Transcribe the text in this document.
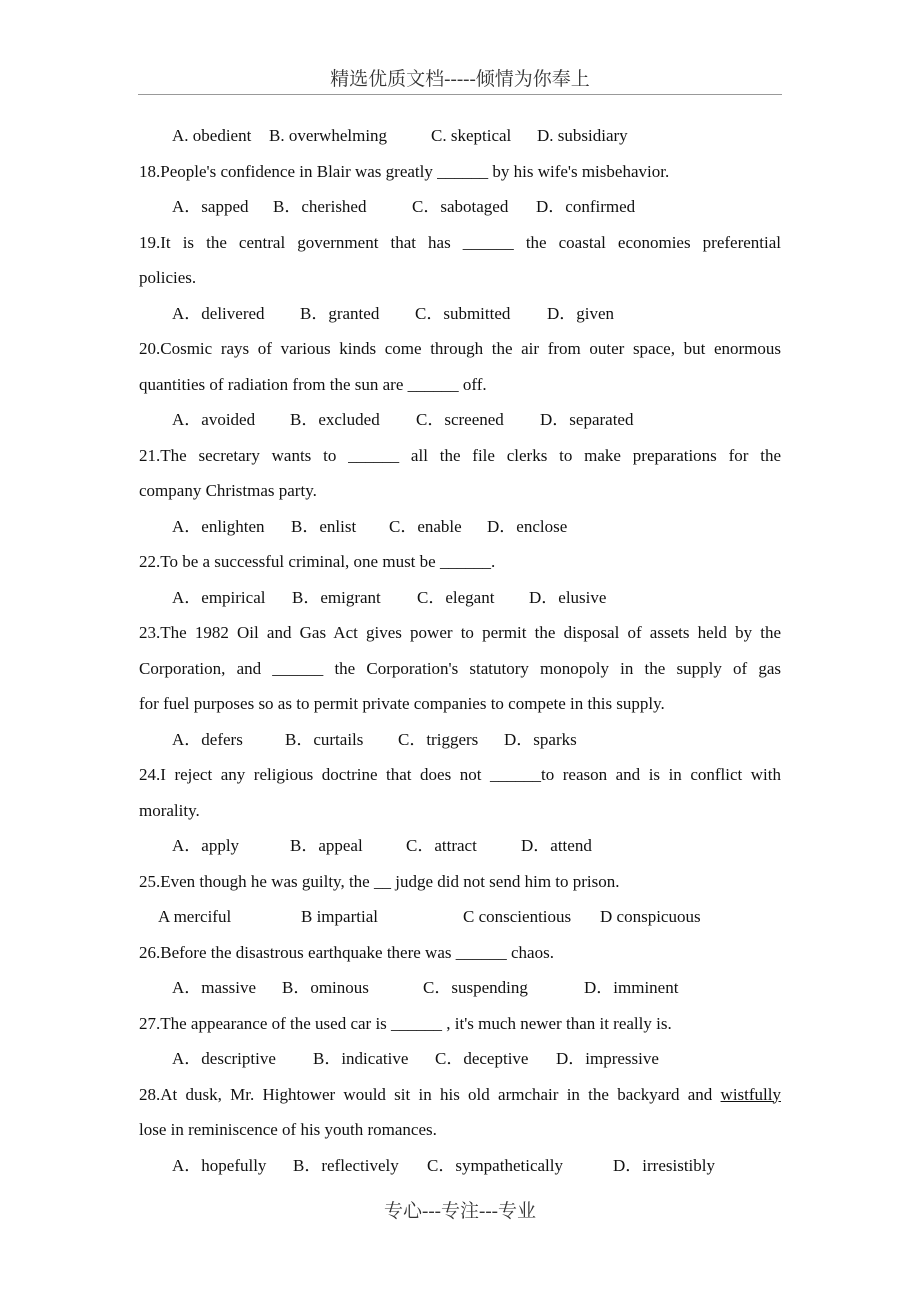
精选优质文档-----倾情为你奉上
A. obedient B. overwhelming	C. skeptical D. subsidiary
18.People's confidence in Blair was greatly ______ by his wife's misbehavior.
A．sapped B．cherished	C．sabotaged D．confirmed
19.It is the central government that has ______ the coastal economies preferential
policies.
A．delivered B．granted C．submitted D．given
20.Cosmic rays of various kinds come through the air from outer space, but enormous
quantities of radiation from the sun are ______ off.
A．avoided B．excluded C．screened D．separated
21.The secretary wants to ______ all the file clerks to make preparations for the
company Christmas party.
A．enlighten B．enlist C．enable D．enclose
22.To be a successful criminal, one must be ______.
A．empirical B．emigrant C．elegant D．elusive
23.The 1982 Oil and Gas Act gives power to permit the disposal of assets held by the
Corporation, and ______ the Corporation's statutory monopoly in the supply of gas
for fuel purposes so as to permit private companies to compete in this supply.
A．defers B．curtails C．triggers D．sparks
24.I reject any religious doctrine that does not ______to reason and is in conflict with
morality.
A．apply	B．appeal	C．attract	D．attend
25.Even though he was guilty, the __ judge did not send him to prison.
A merciful	B impartial	C conscientious D conspicuous
26.Before the disastrous earthquake there was ______ chaos.
A．massive B．ominous	C．suspending	D．imminent
27.The appearance of the used car is ______ , it's much newer than it really is.
A．descriptive B．indicative C．deceptive D．impressive
28.At dusk, Mr. Hightower would sit in his old armchair in the backyard and wistfully
lose in reminiscence of his youth romances.
A．hopefully B．reflectively C．sympathetically	D．irresistibly
专心---专注---专业
